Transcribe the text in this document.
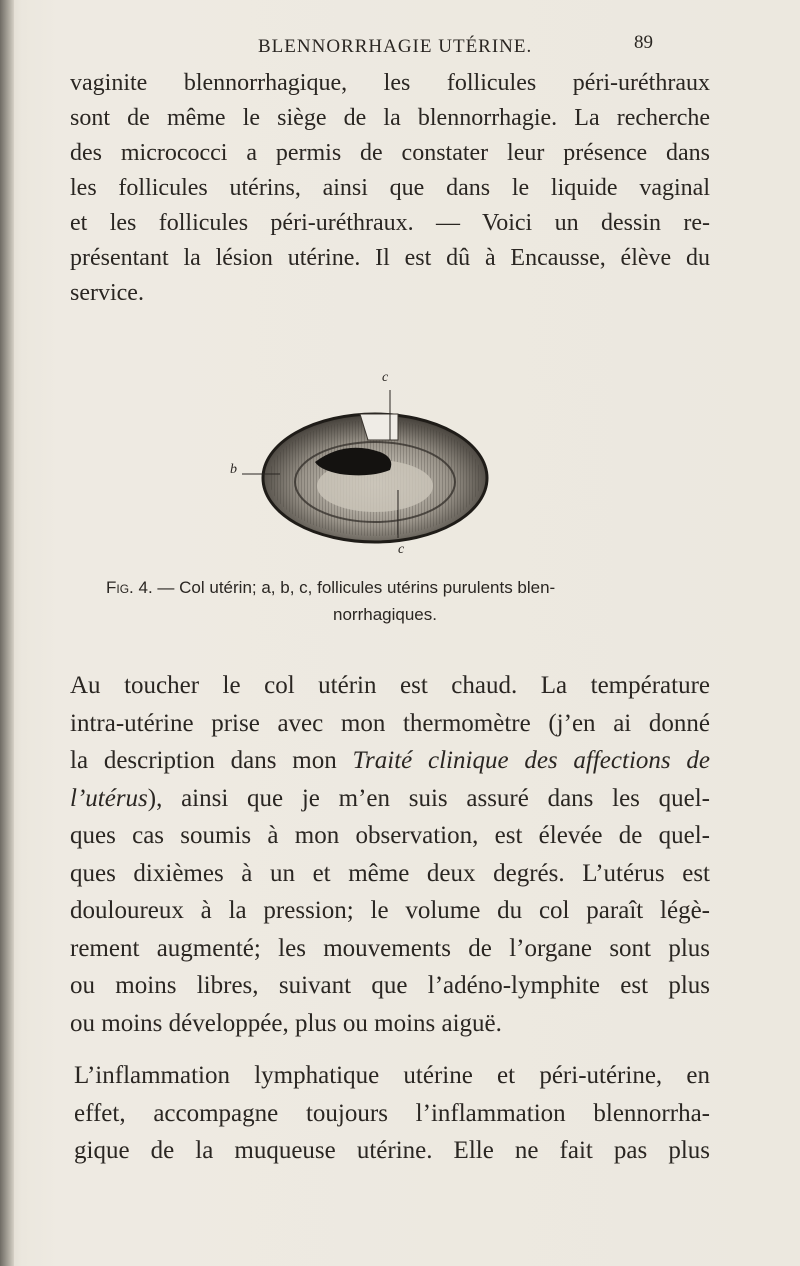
BLENNORRHAGIE UTÉRINE.	89

vaginite blennorrhagique, les follicules péri-uréthraux
sont de même le siège de la blennorrhagie. La recherche
des micrococci a permis de constater leur présence dans
les follicules utérins, ainsi que dans le liquide vaginal
et les follicules péri-uréthraux. — Voici un dessin re-
présentant la lésion utérine. Il est dû à Encausse, élève du
service.

c
b
c
Fig. 4. — Col utérin; a, b, c, follicules utérins purulents blen-
norrhagiques.

Au toucher le col utérin est chaud. La température
intra-utérine prise avec mon thermomètre (j’en ai donné
la description dans mon Traité clinique des affections de
l’utérus), ainsi que je m’en suis assuré dans les quel-
ques cas soumis à mon observation, est élevée de quel-
ques dixièmes à un et même deux degrés. L’utérus est
douloureux à la pression; le volume du col paraît légè-
rement augmenté; les mouvements de l’organe sont plus
ou moins libres, suivant que l’adéno-lymphite est plus
ou moins développée, plus ou moins aiguë.

L’inflammation lymphatique utérine et péri-utérine, en
effet, accompagne toujours l’inflammation blennorrha-
gique de la muqueuse utérine. Elle ne fait pas plus
